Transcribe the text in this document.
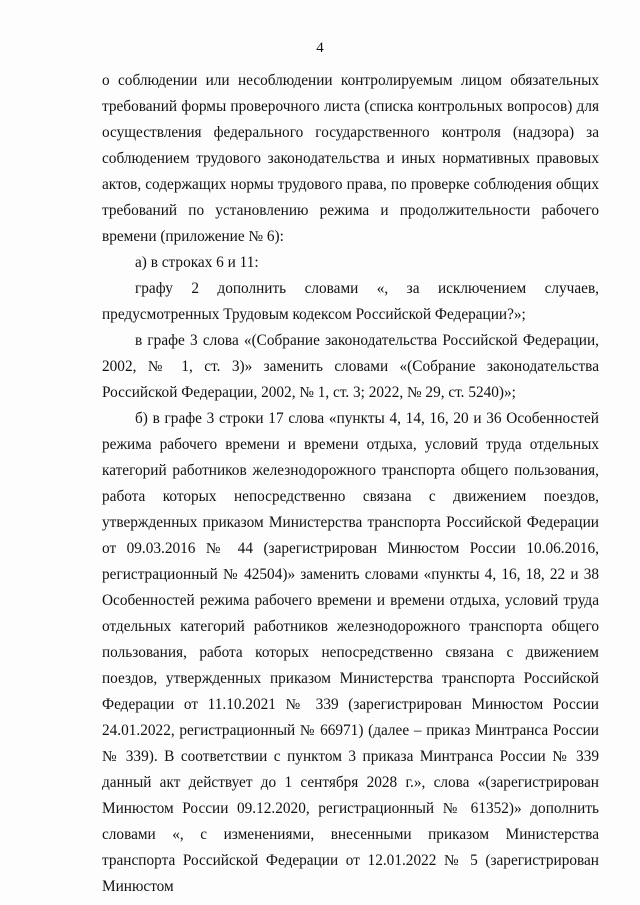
4

о соблюдении или несоблюдении контролируемым лицом обязательных требований формы проверочного листа (списка контрольных вопросов) для осуществления федерального государственного контроля (надзора) за соблюдением трудового законодательства и иных нормативных правовых актов, содержащих нормы трудового права, по проверке соблюдения общих требований по установлению режима и продолжительности рабочего времени (приложение № 6):

а) в строках 6 и 11:

графу 2 дополнить словами «, за исключением случаев, предусмотренных Трудовым кодексом Российской Федерации?»;

в графе 3 слова «(Собрание законодательства Российской Федерации, 2002, № 1, ст. 3)» заменить словами «(Собрание законодательства Российской Федерации, 2002, № 1, ст. 3; 2022, № 29, ст. 5240)»;

б) в графе 3 строки 17 слова «пункты 4, 14, 16, 20 и 36 Особенностей режима рабочего времени и времени отдыха, условий труда отдельных категорий работников железнодорожного транспорта общего пользования, работа которых непосредственно связана с движением поездов, утвержденных приказом Министерства транспорта Российской Федерации от 09.03.2016 № 44 (зарегистрирован Минюстом России 10.06.2016, регистрационный № 42504)» заменить словами «пункты 4, 16, 18, 22 и 38 Особенностей режима рабочего времени и времени отдыха, условий труда отдельных категорий работников железнодорожного транспорта общего пользования, работа которых непосредственно связана с движением поездов, утвержденных приказом Министерства транспорта Российской Федерации от 11.10.2021 № 339 (зарегистрирован Минюстом России 24.01.2022, регистрационный № 66971) (далее – приказ Минтранса России № 339). В соответствии с пунктом 3 приказа Минтранса России № 339 данный акт действует до 1 сентября 2028 г.», слова «(зарегистрирован Минюстом России 09.12.2020, регистрационный № 61352)» дополнить словами «, с изменениями, внесенными приказом Министерства транспорта Российской Федерации от 12.01.2022 № 5 (зарегистрирован Минюстом
